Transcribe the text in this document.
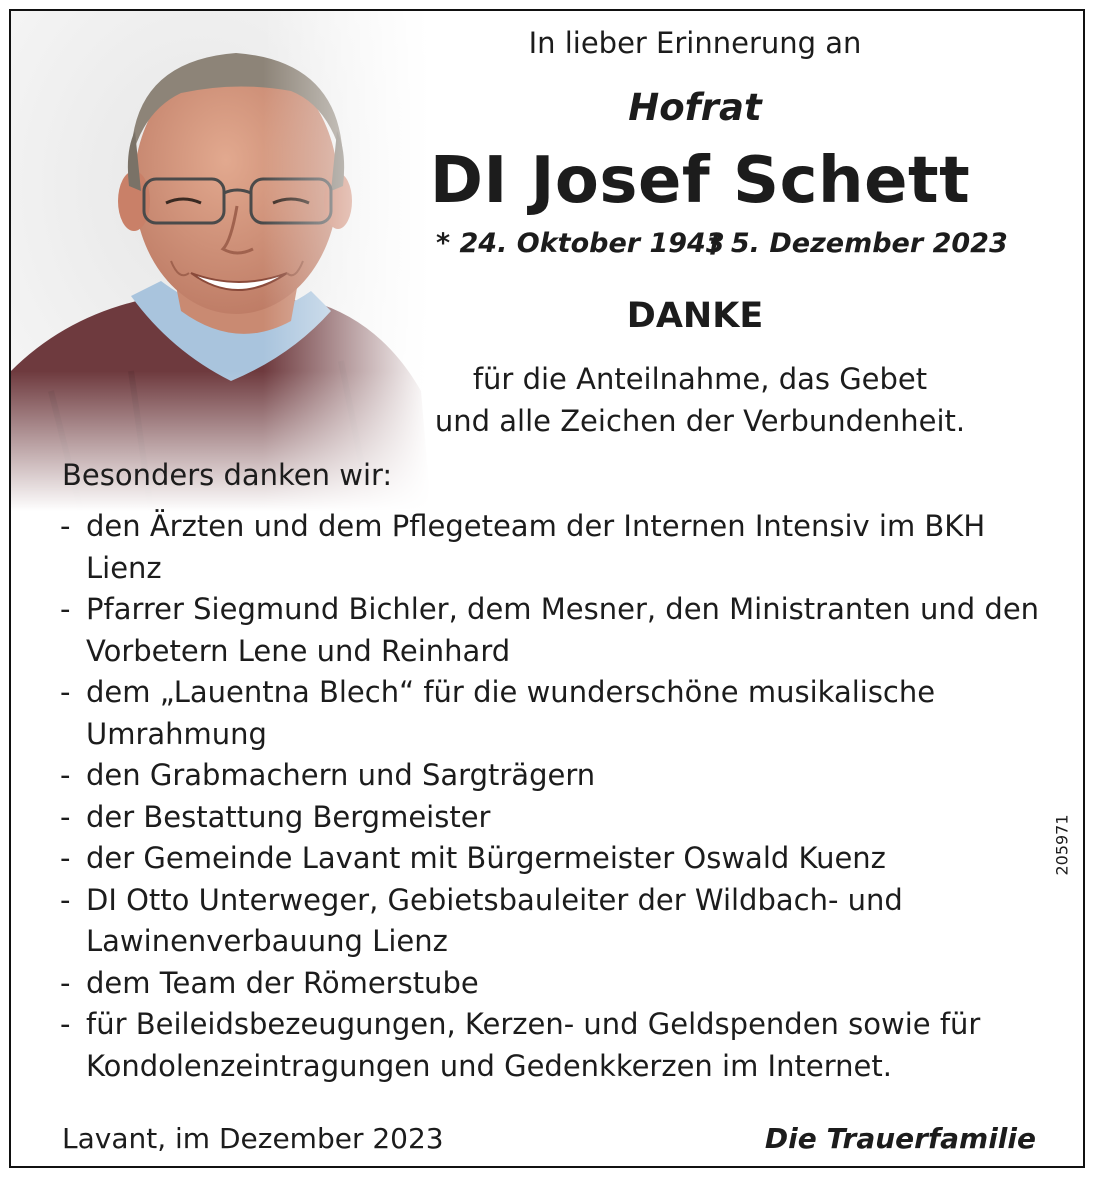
In lieber Erinnerung an
Hofrat
DI Josef Schett
* 24. Oktober 1943
† 5. Dezember 2023
DANKE
für die Anteilnahme, das Gebet
und alle Zeichen der Verbundenheit.
Besonders danken wir:
- den Ärzten und dem Pflegeteam der Internen Intensiv im BKH Lienz
- Pfarrer Siegmund Bichler, dem Mesner, den Ministranten und den Vorbetern Lene und Reinhard
- dem „Lauentna Blech“ für die wunderschöne musikalische Umrahmung
- den Grabmachern und Sargträgern
- der Bestattung Bergmeister
- der Gemeinde Lavant mit Bürgermeister Oswald Kuenz
- DI Otto Unterweger, Gebietsbauleiter der Wildbach- und Lawinenverbauung Lienz
- dem Team der Römerstube
- für Beileidsbezeugungen, Kerzen- und Geldspenden sowie für Kondolenzeintragungen und Gedenkkerzen im Internet.
Lavant, im Dezember 2023	Die Trauerfamilie
205971
